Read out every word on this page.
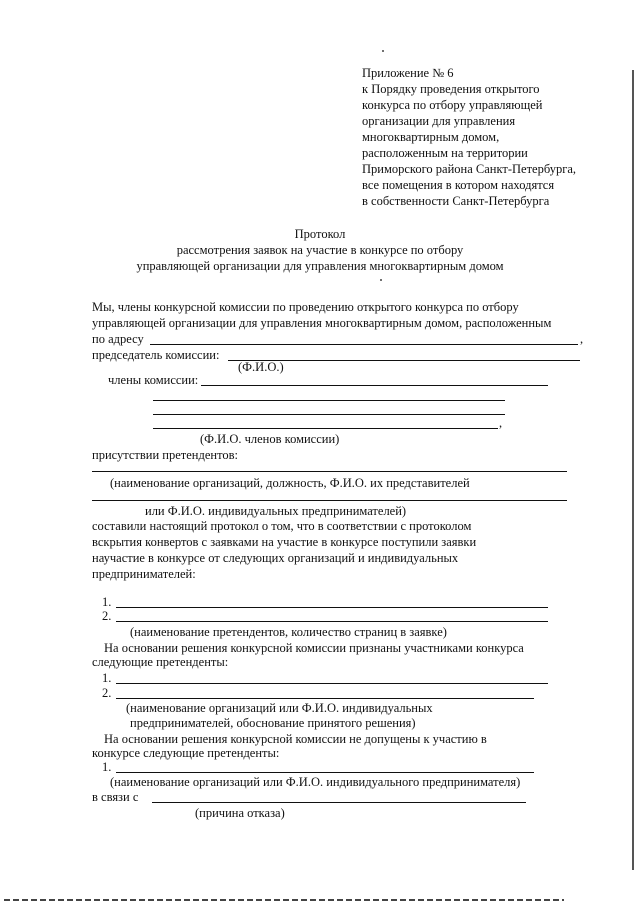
Приложение № 6
к Порядку проведения открытого
конкурса по отбору управляющей
организации для управления
многоквартирным домом,
расположенным на территории
Приморского района Санкт-Петербурга,
все помещения в котором находятся
в собственности Санкт-Петербурга
Протокол
рассмотрения заявок на участие в конкурсе по отбору
управляющей организации для управления многоквартирным домом
Мы, члены конкурсной комиссии по проведению открытого конкурса по отбору
управляющей организации для управления многоквартирным домом, расположенным
по адресу	,
председатель комиссии:
(Ф.И.О.)
члены комиссии:
,
(Ф.И.О. членов комиссии)
присутствии претендентов:
(наименование организаций, должность, Ф.И.О. их представителей
или Ф.И.О. индивидуальных предпринимателей)
составили настоящий протокол о том, что в соответствии с протоколом
вскрытия конвертов с заявками на участие в конкурсе поступили заявки
научастие в конкурсе от следующих организаций и индивидуальных
предпринимателей:
1.
2.
(наименование претендентов, количество страниц в заявке)
На основании решения конкурсной комиссии признаны участниками конкурса
следующие претенденты:
1.
2.
(наименование организаций или Ф.И.О. индивидуальных
предпринимателей, обоснование принятого решения)
На основании решения конкурсной комиссии не допущены к участию в
конкурсе следующие претенденты:
1.
(наименование организаций или Ф.И.О. индивидуального предпринимателя)
в связи с
(причина отказа)
